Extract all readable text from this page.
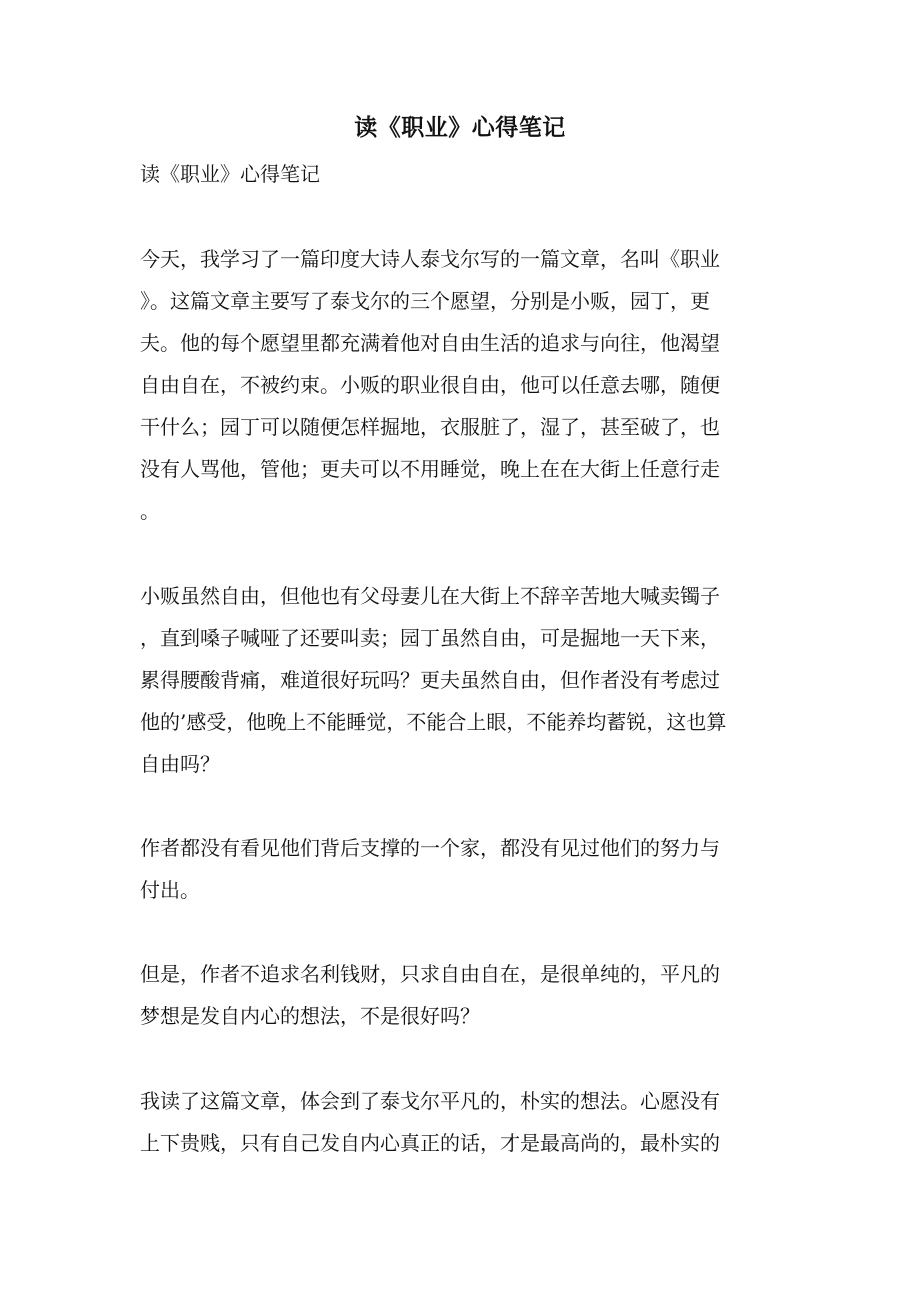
读《职业》心得笔记
读《职业》心得笔记
今天，我学习了一篇印度大诗人泰戈尔写的一篇文章，名叫《职业
》。这篇文章主要写了泰戈尔的三个愿望，分别是小贩，园丁，更
夫。他的每个愿望里都充满着他对自由生活的追求与向往，他渴望
自由自在，不被约束。小贩的职业很自由，他可以任意去哪，随便
干什么；园丁可以随便怎样掘地，衣服脏了，湿了，甚至破了，也
没有人骂他，管他；更夫可以不用睡觉，晚上在在大街上任意行走
。
小贩虽然自由，但他也有父母妻儿在大街上不辞辛苦地大喊卖镯子
，直到嗓子喊哑了还要叫卖；园丁虽然自由，可是掘地一天下来，
累得腰酸背痛，难道很好玩吗？更夫虽然自由，但作者没有考虑过
他的’感受，他晚上不能睡觉，不能合上眼，不能养均蓄锐，这也算
自由吗？
作者都没有看见他们背后支撑的一个家，都没有见过他们的努力与
付出。
但是，作者不追求名利钱财，只求自由自在，是很单纯的，平凡的
梦想是发自内心的想法，不是很好吗？
我读了这篇文章，体会到了泰戈尔平凡的，朴实的想法。心愿没有
上下贵贱，只有自己发自内心真正的话，才是最高尚的，最朴实的
